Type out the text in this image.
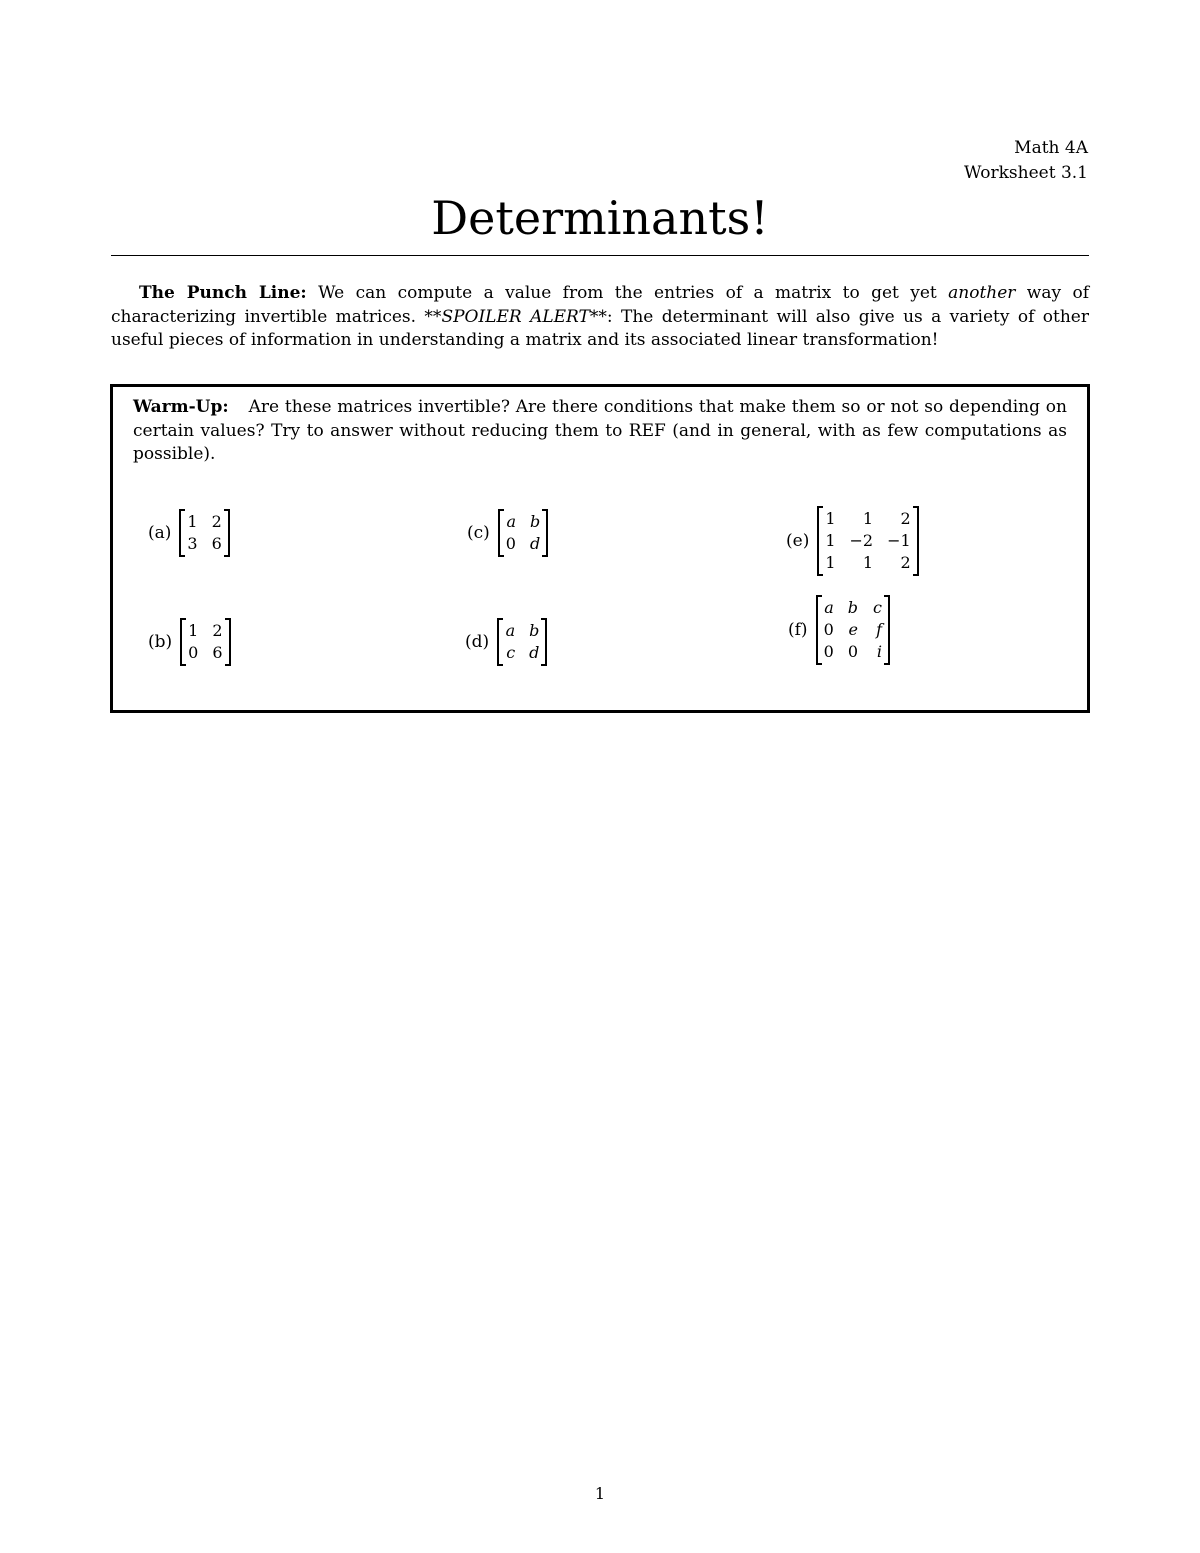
Math 4A
Worksheet 3.1
Determinants!
The Punch Line: We can compute a value from the entries of a matrix to get yet another way of characterizing invertible matrices. **SPOILER ALERT**: The determinant will also give us a variety of other useful pieces of information in understanding a matrix and its associated linear transformation!
Warm-Up: Are these matrices invertible? Are there conditions that make them so or not so depending on certain values? Try to answer without reducing them to REF (and in general, with as few computations as possible).
(a)
1 2
3 6
(b)
1 2
0 6
(c)
a b
0 d
(d)
a b
c d
(e)
1	1	2
1 −2 −1
1	1	2
(f)
a b c
0 e f
0 0	i
1
